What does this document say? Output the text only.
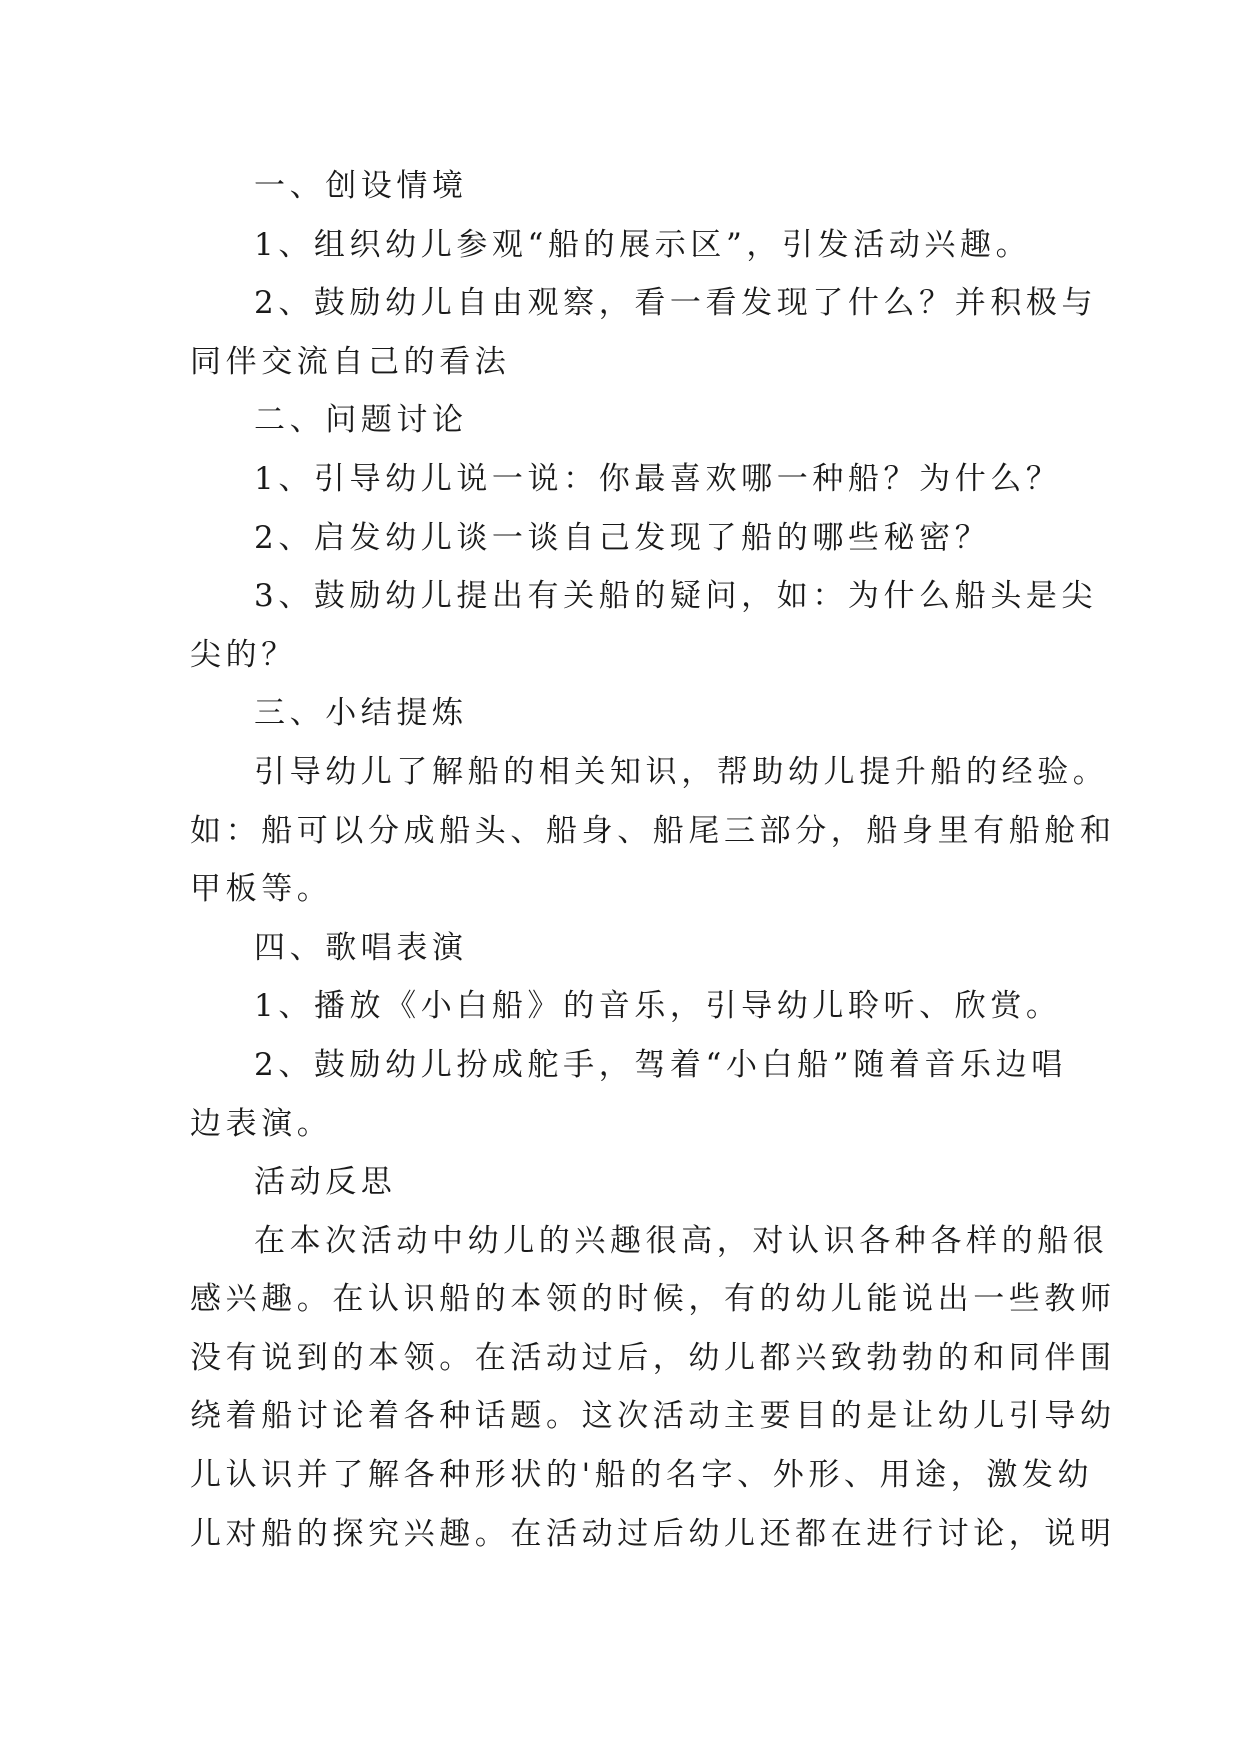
一、创设情境
1、组织幼儿参观“船的展示区”，引发活动兴趣。
2、鼓励幼儿自由观察，看一看发现了什么？并积极与
同伴交流自己的看法
二、问题讨论
1、引导幼儿说一说：你最喜欢哪一种船？为什么？
2、启发幼儿谈一谈自己发现了船的哪些秘密？
3、鼓励幼儿提出有关船的疑问，如：为什么船头是尖
尖的？
三、小结提炼
引导幼儿了解船的相关知识，帮助幼儿提升船的经验。
如：船可以分成船头、船身、船尾三部分，船身里有船舱和
甲板等。
四、歌唱表演
1、播放《小白船》的音乐，引导幼儿聆听、欣赏。
2、鼓励幼儿扮成舵手，驾着“小白船”随着音乐边唱
边表演。
活动反思
在本次活动中幼儿的兴趣很高，对认识各种各样的船很
感兴趣。在认识船的本领的时候，有的幼儿能说出一些教师
没有说到的本领。在活动过后，幼儿都兴致勃勃的和同伴围
绕着船讨论着各种话题。这次活动主要目的是让幼儿引导幼
儿认识并了解各种形状的'船的名字、外形、用途，激发幼
儿对船的探究兴趣。在活动过后幼儿还都在进行讨论，说明
